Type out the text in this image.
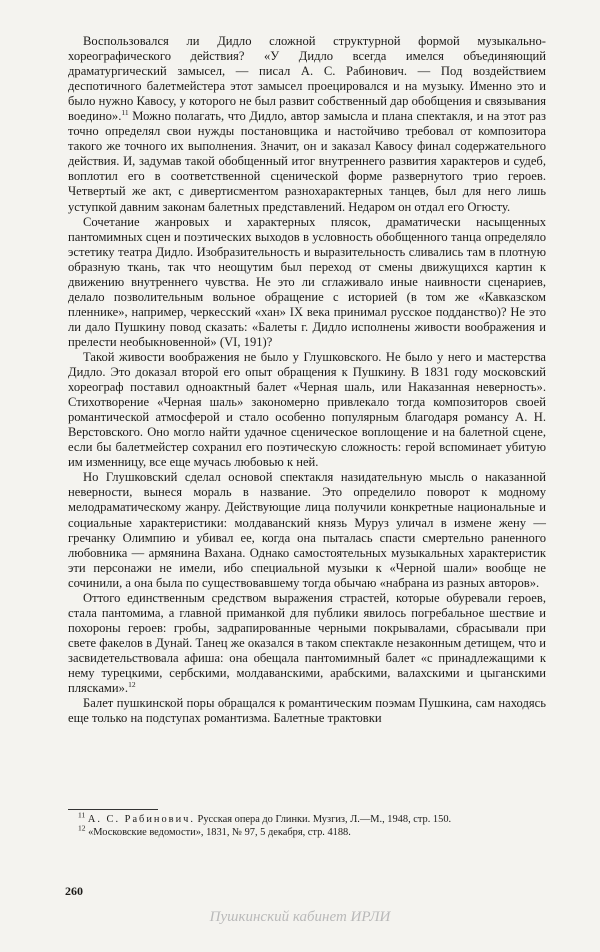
Воспользовался ли Дидло сложной структурной формой музыкально-хореографического действия? «У Дидло всегда имелся объединяющий драматургический замысел, — писал А. С. Рабинович. — Под воздействием деспотичного балетмейстера этот замысел проецировался и на музыку. Именно это и было нужно Кавосу, у которого не был развит собственный дар обобщения и связывания воедино».$^{11}$ Можно полагать, что Дидло, автор замысла и плана спектакля, и на этот раз точно определял свои нужды постановщика и настойчиво требовал от композитора такого же точного их выполнения. Значит, он и заказал Кавосу финал содержательного действия. И, задумав такой обобщенный итог внутреннего развития характеров и судеб, воплотил его в соответственной сценической форме развернутого трио героев. Четвертый же акт, с дивертисментом разнохарактерных танцев, был для него лишь уступкой давним законам балетных представлений. Недаром он отдал его Огюсту.

Сочетание жанровых и характерных плясок, драматически насыщенных пантомимных сцен и поэтических выходов в условность обобщенного танца определяло эстетику театра Дидло. Изобразительность и выразительность сливались там в плотную образную ткань, так что неощутим был переход от смены движущихся картин к движению внутреннего чувства. Не это ли сглаживало иные наивности сценариев, делало позволительным вольное обращение с историей (в том же «Кавказском пленнике», например, черкесский «хан» IX века принимал русское подданство)? Не это ли дало Пушкину повод сказать: «Балеты г. Дидло исполнены живости воображения и прелести необыкновенной» (VI, 191)?

Такой живости воображения не было у Глушковского. Не было у него и мастерства Дидло. Это доказал второй его опыт обращения к Пушкину. В 1831 году московский хореограф поставил одноактный балет «Черная шаль, или Наказанная неверность». Стихотворение «Черная шаль» закономерно привлекало тогда композиторов своей романтической атмосферой и стало особенно популярным благодаря романсу А. Н. Верстовского. Оно могло найти удачное сценическое воплощение и на балетной сцене, если бы балетмейстер сохранил его поэтическую сложность: герой вспоминает убитую им изменницу, все еще мучась любовью к ней.

Но Глушковский сделал основой спектакля назидательную мысль о наказанной неверности, вынеся мораль в название. Это определило поворот к модному мелодраматическому жанру. Действующие лица получили конкретные национальные и социальные характеристики: молдаванский князь Муруз уличал в измене жену — гречанку Олимпию и убивал ее, когда она пыталась спасти смертельно раненного любовника — армянина Вахана. Однако самостоятельных музыкальных характеристик эти персонажи не имели, ибо специальной музыки к «Черной шали» вообще не сочинили, а она была по существовавшему тогда обычаю «набрана из разных авторов».

Оттого единственным средством выражения страстей, которые обуревали героев, стала пантомима, а главной приманкой для публики явилось погребальное шествие и похороны героев: гробы, задрапированные черными покрывалами, сбрасывали при свете факелов в Дунай. Танец же оказался в таком спектакле незаконным детищем, что и засвидетельствовала афиша: она обещала пантомимный балет «с принадлежащими к нему турецкими, сербскими, молдаванскими, арабскими, валахскими и цыганскими плясками».$^{12}$

Балет пушкинской поры обращался к романтическим поэмам Пушкина, сам находясь еще только на подступах романтизма. Балетные трактовки

$^{11}$ А. С. Рабинович. Русская опера до Глинки. Музгиз, Л.—М., 1948, стр. 150.

$^{12}$ «Московские ведомости», 1831, № 97, 5 декабря, стр. 4188.

260
Пушкинский кабинет ИРЛИ
